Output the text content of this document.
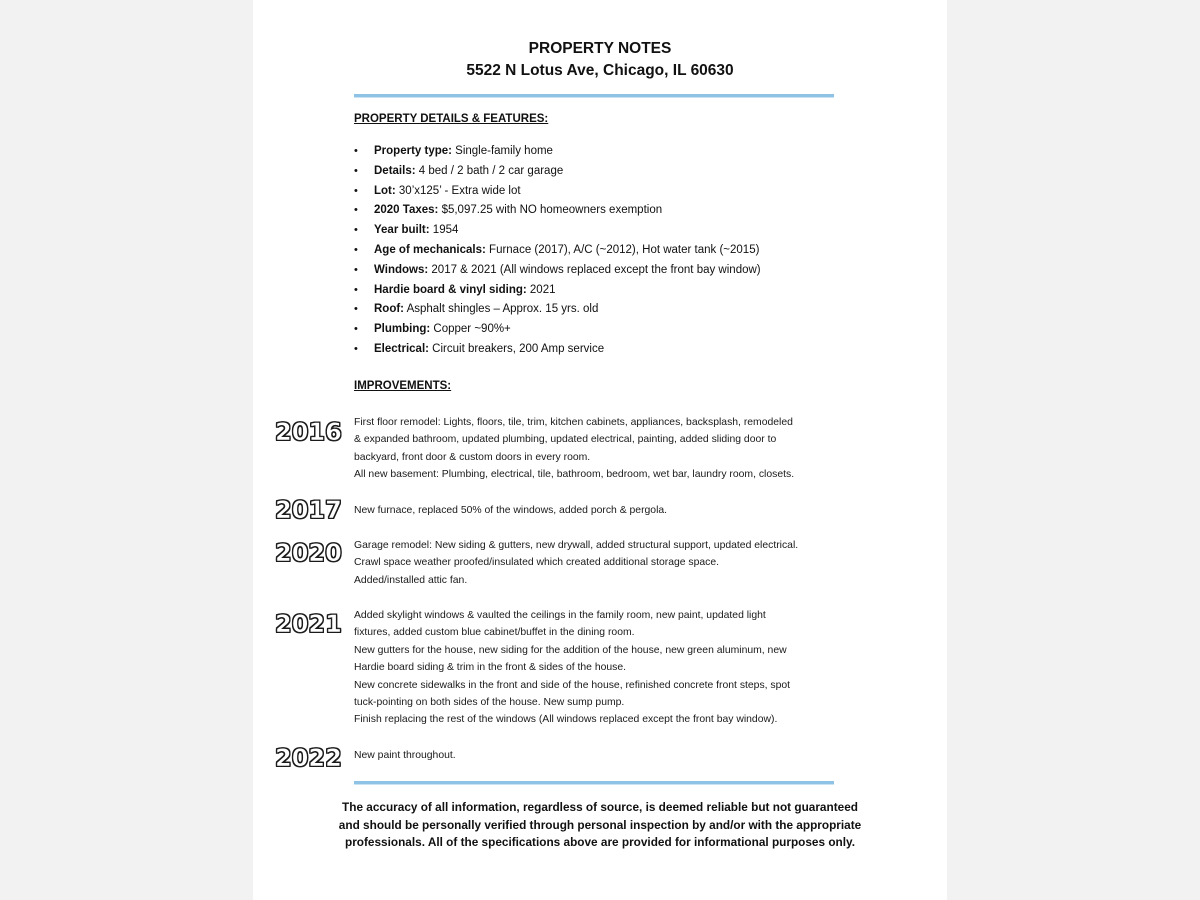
PROPERTY NOTES
5522 N Lotus Ave, Chicago, IL 60630
PROPERTY DETAILS & FEATURES:
• Property type: Single-family home
• Details: 4 bed / 2 bath / 2 car garage
• Lot: 30’x125’ - Extra wide lot
• 2020 Taxes: $5,097.25 with NO homeowners exemption
• Year built: 1954
• Age of mechanicals: Furnace (2017), A/C (~2012), Hot water tank (~2015)
• Windows: 2017 & 2021 (All windows replaced except the front bay window)
• Hardie board & vinyl siding: 2021
• Roof: Asphalt shingles – Approx. 15 yrs. old
• Plumbing: Copper ~90%+
• Electrical: Circuit breakers, 200 Amp service
IMPROVEMENTS:
2016 First floor remodel: Lights, floors, tile, trim, kitchen cabinets, appliances, backsplash, remodeled
& expanded bathroom, updated plumbing, updated electrical, painting, added sliding door to
backyard, front door & custom doors in every room.
All new basement: Plumbing, electrical, tile, bathroom, bedroom, wet bar, laundry room, closets.
2017 New furnace, replaced 50% of the windows, added porch & pergola.
2020 Garage remodel: New siding & gutters, new drywall, added structural support, updated electrical.
Crawl space weather proofed/insulated which created additional storage space.
Added/installed attic fan.
2021 Added skylight windows & vaulted the ceilings in the family room, new paint, updated light
fixtures, added custom blue cabinet/buffet in the dining room.
New gutters for the house, new siding for the addition of the house, new green aluminum, new
Hardie board siding & trim in the front & sides of the house.
New concrete sidewalks in the front and side of the house, refinished concrete front steps, spot
tuck-pointing on both sides of the house. New sump pump.
Finish replacing the rest of the windows (All windows replaced except the front bay window).
2022 New paint throughout.
The accuracy of all information, regardless of source, is deemed reliable but not guaranteed
and should be personally verified through personal inspection by and/or with the appropriate
professionals. All of the specifications above are provided for informational purposes only.
